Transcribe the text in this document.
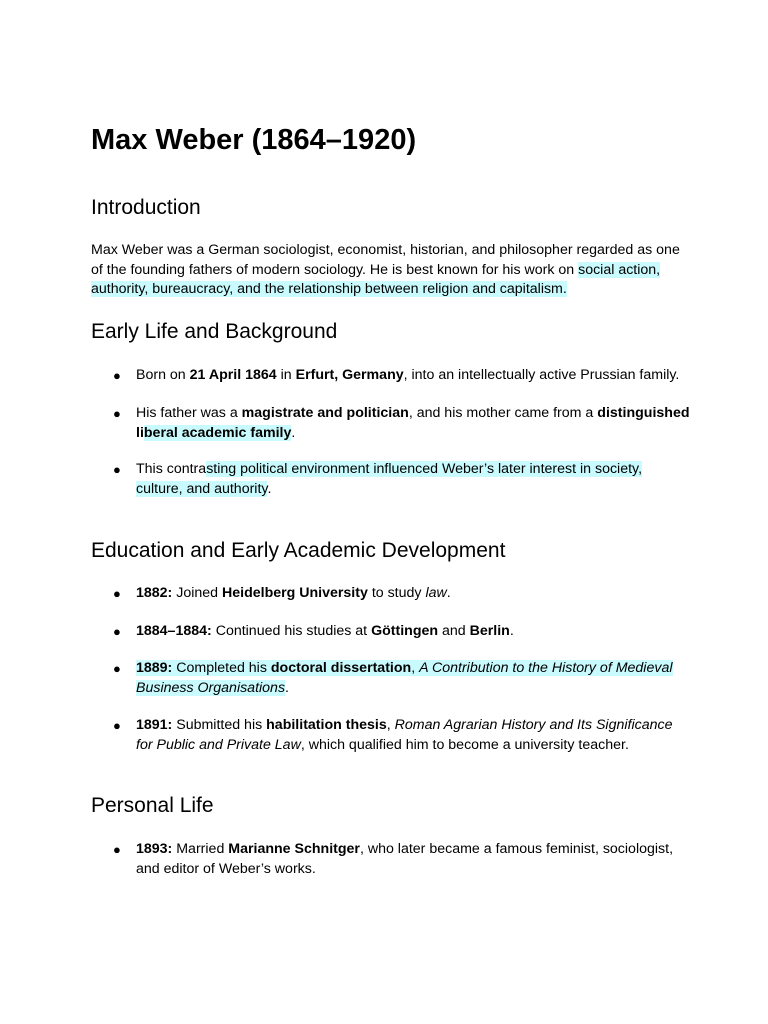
Max Weber (1864–1920)
Introduction

Max Weber was a German sociologist, economist, historian, and philosopher regarded as one of the founding fathers of modern sociology. He is best known for his work on social action, authority, bureaucracy, and the relationship between religion and capitalism.

Early Life and Background
● Born on 21 April 1864 in Erfurt, Germany, into an intellectually active Prussian family.
● His father was a magistrate and politician, and his mother came from a distinguished liberal academic family.
● This contrasting political environment influenced Weber’s later interest in society, culture, and authority.
Education and Early Academic Development
● 1882: Joined Heidelberg University to study law.
● 1884–1884: Continued his studies at Göttingen and Berlin.
● 1889: Completed his doctoral dissertation, A Contribution to the History of Medieval Business Organisations.
● 1891: Submitted his habilitation thesis, Roman Agrarian History and Its Significance for Public and Private Law, which qualified him to become a university teacher.
Personal Life
● 1893: Married Marianne Schnitger, who later became a famous feminist, sociologist, and editor of Weber’s works.
